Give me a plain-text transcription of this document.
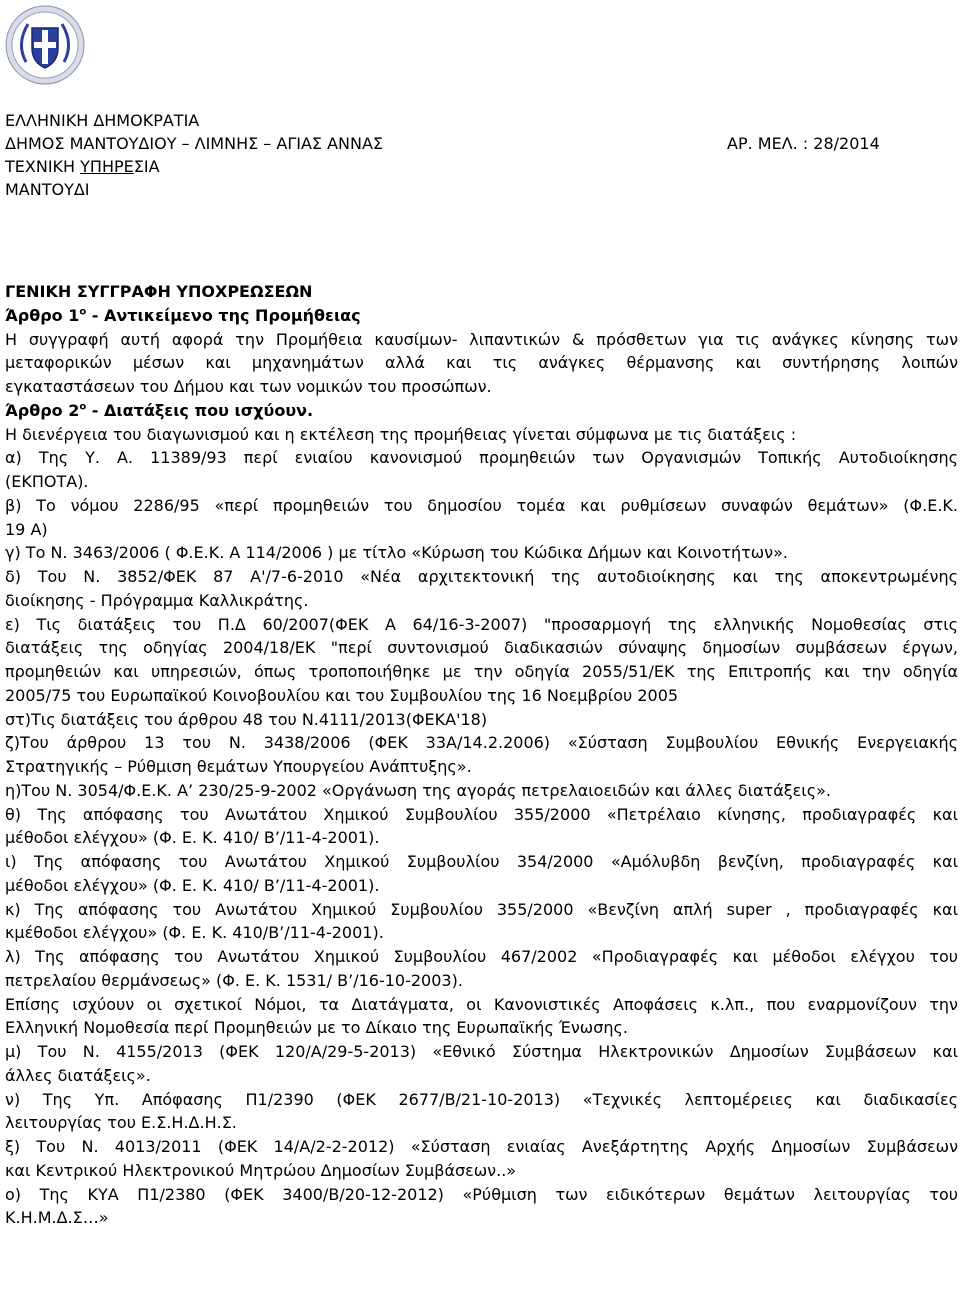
ΕΛΛΗΝΙΚΗ ΔΗΜΟΚΡΑΤΙΑ
ΔΗΜΟΣ ΜΑΝΤΟΥΔΙΟΥ – ΛΙΜΝΗΣ – ΑΓΙΑΣ ΑΝΝΑΣ	ΑΡ. ΜΕΛ. : 28/2014
ΤΕΧΝΙΚΗ ΥΠΗΡΕΣΙΑ
ΜΑΝΤΟΥΔΙ
ΓΕΝΙΚΗ ΣΥΓΓΡΑΦΗ ΥΠΟΧΡΕΩΣΕΩΝ
Άρθρο $1^o$ - Αντικείμενο της Προμήθειας
Η συγγραφή αυτή αφορά την Προμήθεια καυσίμων- λιπαντικών & πρόσθετων για τις ανάγκες κίνησης των
μεταφορικών μέσων και μηχανημάτων αλλά και τις ανάγκες θέρμανσης και συντήρησης λοιπών
εγκαταστάσεων του Δήμου και των νομικών του προσώπων.
Άρθρο $2^o$ - Διατάξεις που ισχύουν.
Η διενέργεια του διαγωνισμού και η εκτέλεση της προμήθειας γίνεται σύμφωνα με τις διατάξεις :
α) Της Υ. Α. 11389/93 περί ενιαίου κανονισμού προμηθειών των Οργανισμών Τοπικής Αυτοδιοίκησης
(ΕΚΠΟΤΑ).
β) Το νόμου 2286/95 «περί προμηθειών του δημοσίου τομέα και ρυθμίσεων συναφών θεμάτων» (Φ.Ε.Κ.
19 Α)
γ) Το Ν. 3463/2006 ( Φ.Ε.Κ. Α 114/2006 ) με τίτλο «Κύρωση του Κώδικα Δήμων και Κοινοτήτων».
δ) Του Ν. 3852/ΦΕΚ 87 Α'/7-6-2010 «Νέα αρχιτεκτονική της αυτοδιοίκησης και της αποκεντρωμένης
διοίκησης - Πρόγραμμα Καλλικράτης.
ε) Τις διατάξεις του Π.Δ 60/2007(ΦΕΚ Α 64/16-3-2007) "προσαρμογή της ελληνικής Νομοθεσίας στις
διατάξεις της οδηγίας 2004/18/ΕΚ "περί συντονισμού διαδικασιών σύναψης δημοσίων συμβάσεων έργων,
προμηθειών και υπηρεσιών, όπως τροποποιήθηκε με την οδηγία 2055/51/ΕΚ της Επιτροπής και την οδηγία
2005/75 του Ευρωπαϊκού Κοινοβουλίου και του Συμβουλίου της 16 Νοεμβρίου 2005
στ)Τις διατάξεις του άρθρου 48 του Ν.4111/2013(ΦΕΚΑ'18)
ζ)Του άρθρου 13 του Ν. 3438/2006 (ΦΕΚ 33Α/14.2.2006) «Σύσταση Συμβουλίου Εθνικής Ενεργειακής
Στρατηγικής – Ρύθμιση θεμάτων Υπουργείου Ανάπτυξης».
η)Του Ν. 3054/Φ.Ε.Κ. Α’ 230/25-9-2002 «Οργάνωση της αγοράς πετρελαιοειδών και άλλες διατάξεις».
θ) Της απόφασης του Ανωτάτου Χημικού Συμβουλίου 355/2000 «Πετρέλαιο κίνησης, προδιαγραφές και
μέθοδοι ελέγχου» (Φ. Ε. Κ. 410/ Β’/11-4-2001).
ι) Της απόφασης του Ανωτάτου Χημικού Συμβουλίου 354/2000 «Αμόλυβδη βενζίνη, προδιαγραφές και
μέθοδοι ελέγχου» (Φ. Ε. Κ. 410/ Β’/11-4-2001).
κ) Της απόφασης του Ανωτάτου Χημικού Συμβουλίου 355/2000 «Βενζίνη απλή super , προδιαγραφές και
κμέθοδοι ελέγχου» (Φ. Ε. Κ. 410/Β’/11-4-2001).
λ) Της απόφασης του Ανωτάτου Χημικού Συμβουλίου 467/2002 «Προδιαγραφές και μέθοδοι ελέγχου του
πετρελαίου θερμάνσεως» (Φ. Ε. Κ. 1531/ Β’/16-10-2003).
Επίσης ισχύουν οι σχετικοί Νόμοι, τα Διατάγματα, οι Κανονιστικές Αποφάσεις κ.λπ., που εναρμονίζουν την
Ελληνική Νομοθεσία περί Προμηθειών με το Δίκαιο της Ευρωπαϊκής Ένωσης.
μ) Του Ν. 4155/2013 (ΦΕΚ 120/Α/29-5-2013) «Εθνικό Σύστημα Ηλεκτρονικών Δημοσίων Συμβάσεων και
άλλες διατάξεις».
ν) Της Υπ. Απόφασης Π1/2390 (ΦΕΚ 2677/Β/21-10-2013) «Τεχνικές λεπτομέρειες και διαδικασίες
λειτουργίας του Ε.Σ.Η.Δ.Η.Σ.
ξ) Του Ν. 4013/2011 (ΦΕΚ 14/Α/2-2-2012) «Σύσταση ενιαίας Ανεξάρτητης Αρχής Δημοσίων Συμβάσεων
και Κεντρικού Ηλεκτρονικού Μητρώου Δημοσίων Συμβάσεων..»
ο) Της ΚΥΑ Π1/2380 (ΦΕΚ 3400/Β/20-12-2012) «Ρύθμιση των ειδικότερων θεμάτων λειτουργίας του
Κ.Η.Μ.Δ.Σ…»
